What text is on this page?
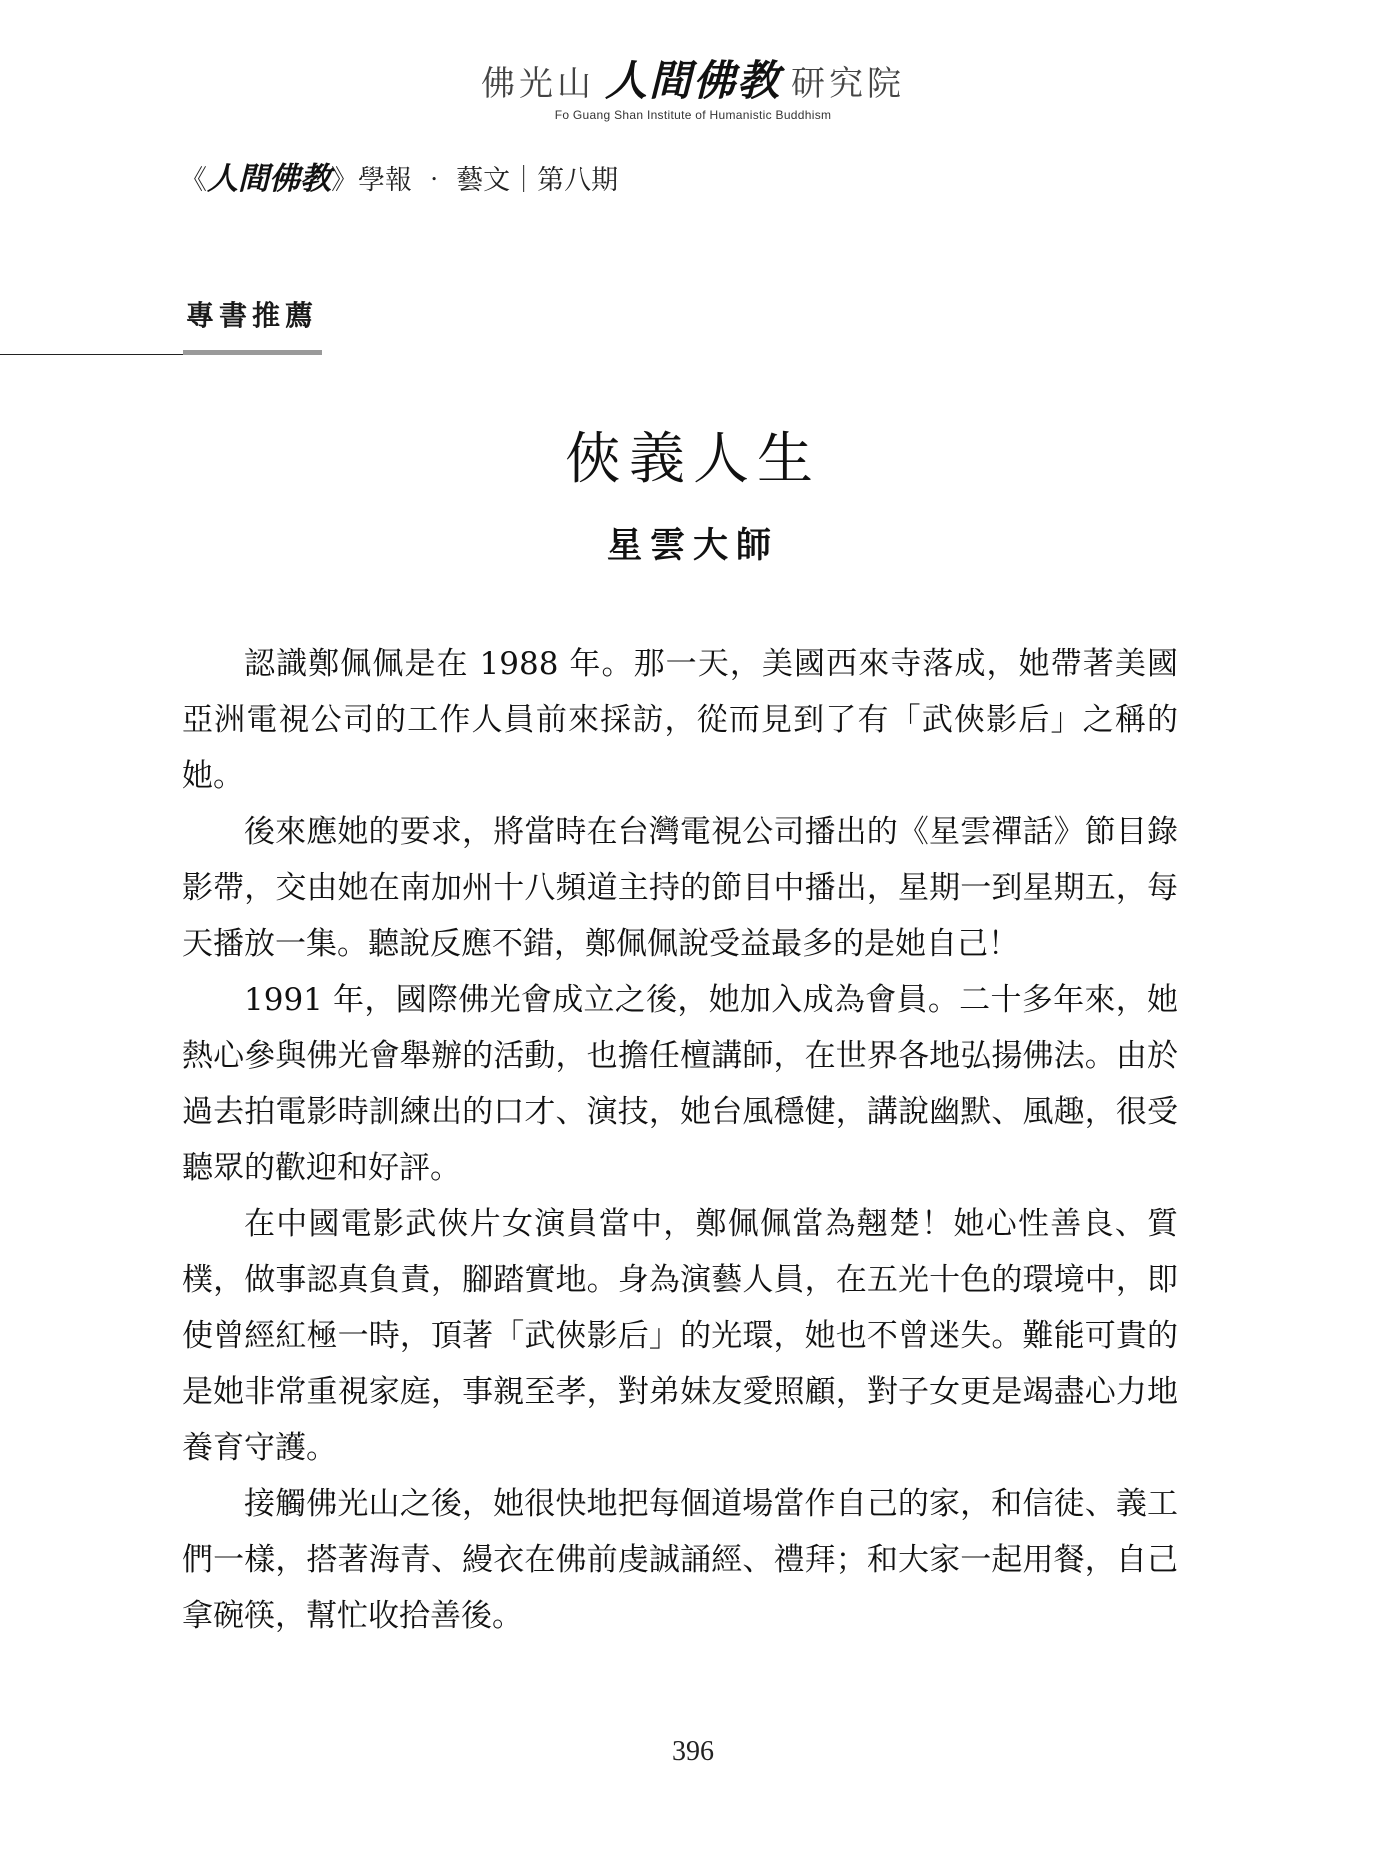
佛光山 人間佛教 研究院
Fo Guang Shan Institute of Humanistic Buddhism
《人間佛教》學報 ‧ 藝文｜第八期
專書推薦
俠義人生
星雲大師

認識鄭佩佩是在 1988 年。那一天，美國西來寺落成，她帶著美國亞洲電視公司的工作人員前來採訪，從而見到了有「武俠影后」之稱的她。

後來應她的要求，將當時在台灣電視公司播出的《星雲禪話》節目錄影帶，交由她在南加州十八頻道主持的節目中播出，星期一到星期五，每天播放一集。聽說反應不錯，鄭佩佩說受益最多的是她自己！

1991 年，國際佛光會成立之後，她加入成為會員。二十多年來，她熱心參與佛光會舉辦的活動，也擔任檀講師，在世界各地弘揚佛法。由於過去拍電影時訓練出的口才、演技，她台風穩健，講說幽默、風趣，很受聽眾的歡迎和好評。

在中國電影武俠片女演員當中，鄭佩佩當為翹楚！她心性善良、質樸，做事認真負責，腳踏實地。身為演藝人員，在五光十色的環境中，即使曾經紅極一時，頂著「武俠影后」的光環，她也不曾迷失。難能可貴的是她非常重視家庭，事親至孝，對弟妹友愛照顧，對子女更是竭盡心力地養育守護。

接觸佛光山之後，她很快地把每個道場當作自己的家，和信徒、義工們一樣，搭著海青、縵衣在佛前虔誠誦經、禮拜；和大家一起用餐，自己拿碗筷，幫忙收拾善後。

396
